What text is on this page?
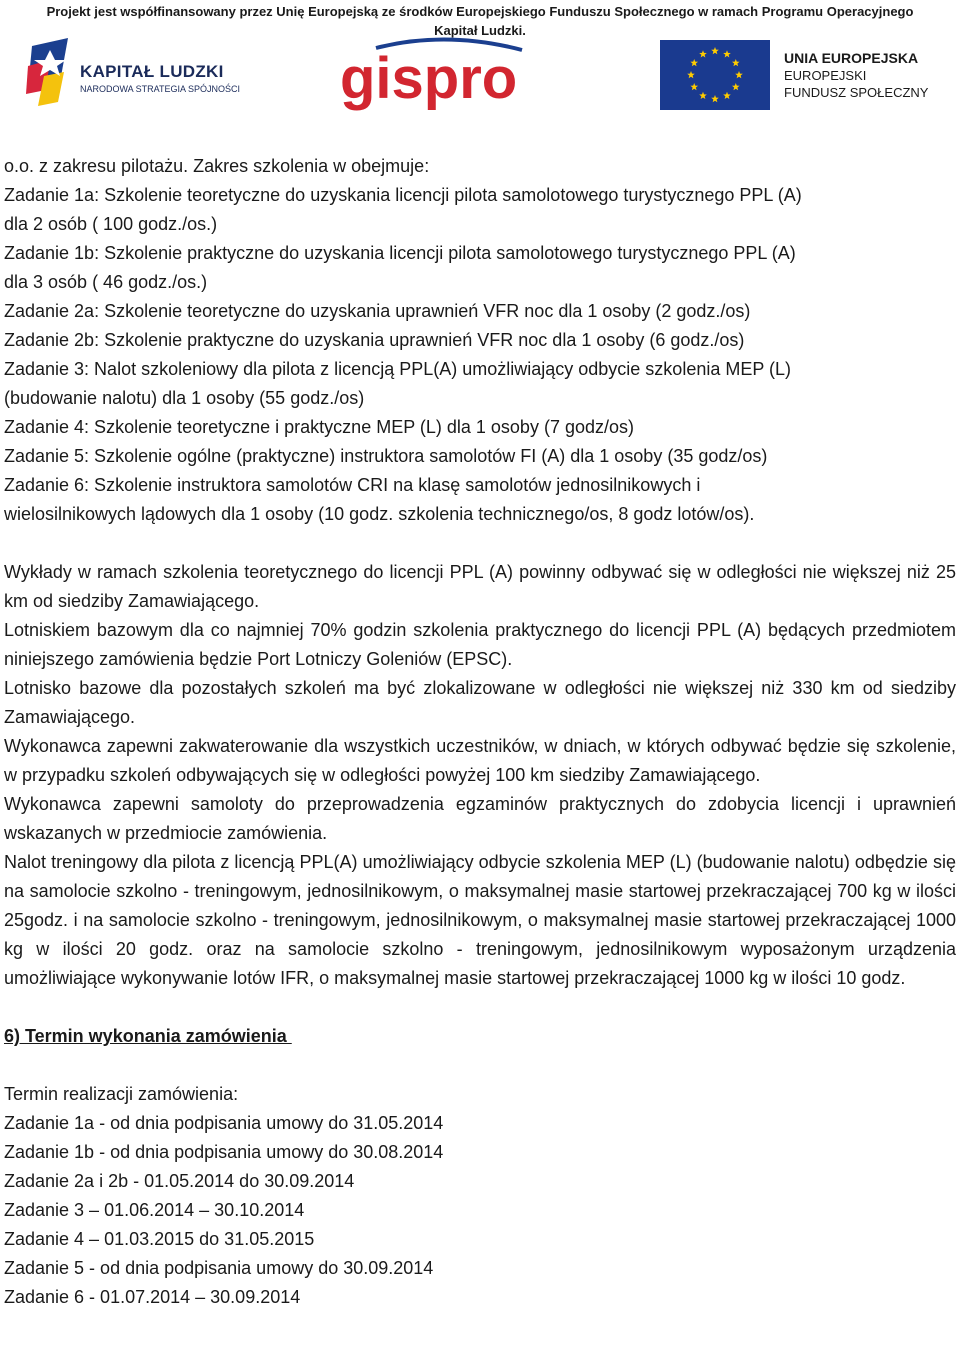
Projekt jest współfinansowany przez Unię Europejską ze środków Europejskiego Funduszu Społecznego w ramach Programu Operacyjnego
Kapitał Ludzki.
KAPITAŁ LUDZKI
NARODOWA STRATEGIA SPÓJNOŚCI gispro	UNIA EUROPEJSKA
EUROPEJSKI
FUNDUSZ SPOŁECZNY
o.o. z zakresu pilotażu. Zakres szkolenia w obejmuje:
Zadanie 1a: Szkolenie teoretyczne do uzyskania licencji pilota samolotowego turystycznego PPL (A)
dla 2 osób ( 100 godz./os.)
Zadanie 1b: Szkolenie praktyczne do uzyskania licencji pilota samolotowego turystycznego PPL (A)
dla 3 osób ( 46 godz./os.)
Zadanie 2a: Szkolenie teoretyczne do uzyskania uprawnień VFR noc dla 1 osoby (2 godz./os)
Zadanie 2b: Szkolenie praktyczne do uzyskania uprawnień VFR noc dla 1 osoby (6 godz./os)
Zadanie 3: Nalot szkoleniowy dla pilota z licencją PPL(A) umożliwiający odbycie szkolenia MEP (L)
(budowanie nalotu) dla 1 osoby (55 godz./os)
Zadanie 4: Szkolenie teoretyczne i praktyczne MEP (L) dla 1 osoby (7 godz/os)
Zadanie 5: Szkolenie ogólne (praktyczne) instruktora samolotów FI (A) dla 1 osoby (35 godz/os)
Zadanie 6: Szkolenie instruktora samolotów CRI na klasę samolotów jednosilnikowych i
wielosilnikowych lądowych dla 1 osoby (10 godz. szkolenia technicznego/os, 8 godz lotów/os).
Wykłady w ramach szkolenia teoretycznego do licencji PPL (A) powinny odbywać się w odległości nie większej niż 25 km od siedziby Zamawiającego.
Lotniskiem bazowym dla co najmniej 70% godzin szkolenia praktycznego do licencji PPL (A) będących przedmiotem niniejszego zamówienia będzie Port Lotniczy Goleniów (EPSC).
Lotnisko bazowe dla pozostałych szkoleń ma być zlokalizowane w odległości nie większej niż 330 km od siedziby Zamawiającego.
Wykonawca zapewni zakwaterowanie dla wszystkich uczestników, w dniach, w których odbywać będzie się szkolenie, w przypadku szkoleń odbywających się w odległości powyżej 100 km siedziby Zamawiającego.
Wykonawca zapewni samoloty do przeprowadzenia egzaminów praktycznych do zdobycia licencji i uprawnień wskazanych w przedmiocie zamówienia.
Nalot treningowy dla pilota z licencją PPL(A) umożliwiający odbycie szkolenia MEP (L) (budowanie nalotu) odbędzie się na samolocie szkolno - treningowym, jednosilnikowym, o maksymalnej masie startowej przekraczającej 700 kg w ilości 25godz. i na samolocie szkolno - treningowym, jednosilnikowym, o maksymalnej masie startowej przekraczającej 1000 kg w ilości 20 godz. oraz na samolocie szkolno - treningowym, jednosilnikowym wyposażonym urządzenia umożliwiające wykonywanie lotów IFR, o maksymalnej masie startowej przekraczającej 1000 kg w ilości 10 godz.
6) Termin wykonania zamówienia
Termin realizacji zamówienia:
Zadanie 1a - od dnia podpisania umowy do 31.05.2014
Zadanie 1b - od dnia podpisania umowy do 30.08.2014
Zadanie 2a i 2b - 01.05.2014 do 30.09.2014
Zadanie 3 – 01.06.2014 – 30.10.2014
Zadanie 4 – 01.03.2015 do 31.05.2015
Zadanie 5 - od dnia podpisania umowy do 30.09.2014
Zadanie 6 - 01.07.2014 – 30.09.2014
